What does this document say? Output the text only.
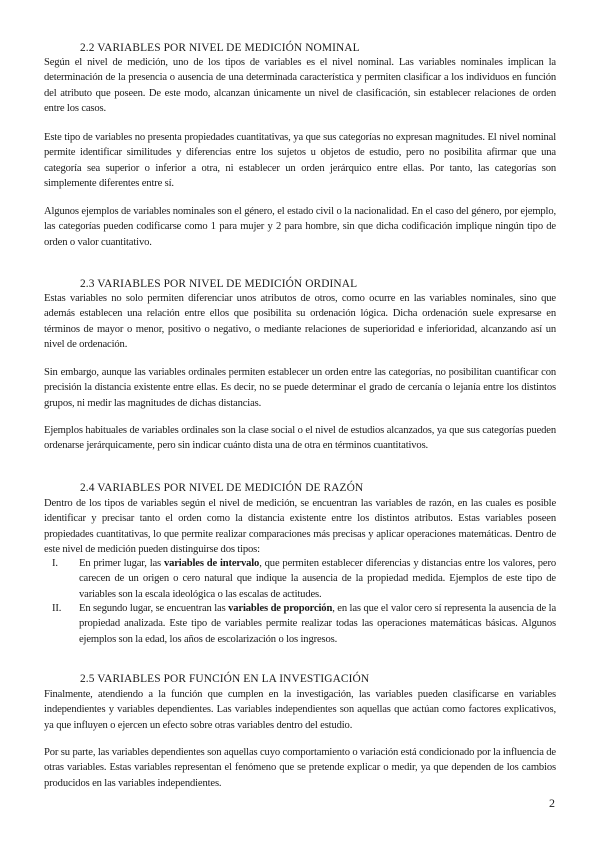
2.2 VARIABLES POR NIVEL DE MEDICIÓN NOMINAL

Según el nivel de medición, uno de los tipos de variables es el nivel nominal. Las variables nominales implican la determinación de la presencia o ausencia de una determinada característica y permiten clasificar a los individuos en función del atributo que poseen. De este modo, alcanzan únicamente un nivel de clasificación, sin establecer relaciones de orden entre los casos.

Este tipo de variables no presenta propiedades cuantitativas, ya que sus categorías no expresan magnitudes. El nivel nominal permite identificar similitudes y diferencias entre los sujetos u objetos de estudio, pero no posibilita afirmar que una categoría sea superior o inferior a otra, ni establecer un orden jerárquico entre ellas. Por tanto, las categorías son simplemente diferentes entre sí.

Algunos ejemplos de variables nominales son el género, el estado civil o la nacionalidad. En el caso del género, por ejemplo, las categorías pueden codificarse como 1 para mujer y 2 para hombre, sin que dicha codificación implique ningún tipo de orden o valor cuantitativo.

2.3 VARIABLES POR NIVEL DE MEDICIÓN ORDINAL

Estas variables no solo permiten diferenciar unos atributos de otros, como ocurre en las variables nominales, sino que además establecen una relación entre ellos que posibilita su ordenación lógica. Dicha ordenación suele expresarse en términos de mayor o menor, positivo o negativo, o mediante relaciones de superioridad e inferioridad, alcanzando así un nivel de ordenación.

Sin embargo, aunque las variables ordinales permiten establecer un orden entre las categorías, no posibilitan cuantificar con precisión la distancia existente entre ellas. Es decir, no se puede determinar el grado de cercanía o lejanía entre los distintos grupos, ni medir las magnitudes de dichas distancias.

Ejemplos habituales de variables ordinales son la clase social o el nivel de estudios alcanzados, ya que sus categorías pueden ordenarse jerárquicamente, pero sin indicar cuánto dista una de otra en términos cuantitativos.

2.4 VARIABLES POR NIVEL DE MEDICIÓN DE RAZÓN

Dentro de los tipos de variables según el nivel de medición, se encuentran las variables de razón, en las cuales es posible identificar y precisar tanto el orden como la distancia existente entre los distintos atributos. Estas variables poseen propiedades cuantitativas, lo que permite realizar comparaciones más precisas y aplicar operaciones matemáticas. Dentro de este nivel de medición pueden distinguirse dos tipos:

I.	En primer lugar, las variables de intervalo, que permiten establecer diferencias y distancias entre los valores, pero carecen de un origen o cero natural que indique la ausencia de la propiedad medida. Ejemplos de este tipo de variables son la escala ideológica o las escalas de actitudes.
II.	En segundo lugar, se encuentran las variables de proporción, en las que el valor cero sí representa la ausencia de la propiedad analizada. Este tipo de variables permite realizar todas las operaciones matemáticas básicas. Algunos ejemplos son la edad, los años de escolarización o los ingresos.
2.5 VARIABLES POR FUNCIÓN EN LA INVESTIGACIÓN

Finalmente, atendiendo a la función que cumplen en la investigación, las variables pueden clasificarse en variables independientes y variables dependientes. Las variables independientes son aquellas que actúan como factores explicativos, ya que influyen o ejercen un efecto sobre otras variables dentro del estudio.

Por su parte, las variables dependientes son aquellas cuyo comportamiento o variación está condicionado por la influencia de otras variables. Estas variables representan el fenómeno que se pretende explicar o medir, ya que dependen de los cambios producidos en las variables independientes.

2
